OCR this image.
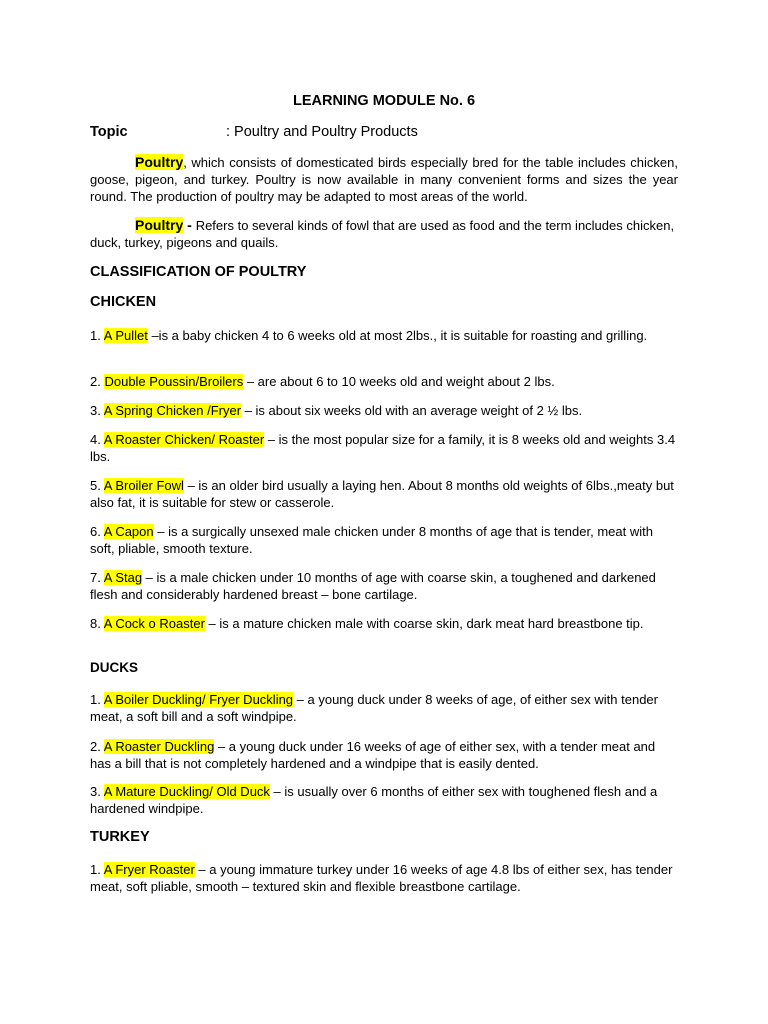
LEARNING MODULE No. 6
Topic	: Poultry and Poultry Products

Poultry, which consists of domesticated birds especially bred for the table includes chicken, goose, pigeon, and turkey. Poultry is now available in many convenient forms and sizes the year round. The production of poultry may be adapted to most areas of the world.

Poultry - Refers to several kinds of fowl that are used as food and the term includes chicken, duck, turkey, pigeons and quails.

CLASSIFICATION OF POULTRY
CHICKEN

1. A Pullet –is a baby chicken 4 to 6 weeks old at most 2lbs., it is suitable for roasting and grilling.

2. Double Poussin/Broilers – are about 6 to 10 weeks old and weight about 2 lbs.

3. A Spring Chicken /Fryer – is about six weeks old with an average weight of 2 ½ lbs.

4. A Roaster Chicken/ Roaster – is the most popular size for a family, it is 8 weeks old and weights 3.4 lbs.

5. A Broiler Fowl – is an older bird usually a laying hen. About 8 months old weights of 6lbs.,meaty but also fat, it is suitable for stew or casserole.

6. A Capon – is a surgically unsexed male chicken under 8 months of age that is tender, meat with soft, pliable, smooth texture.

7. A Stag – is a male chicken under 10 months of age with coarse skin, a toughened and darkened flesh and considerably hardened breast – bone cartilage.

8. A Cock o Roaster – is a mature chicken male with coarse skin, dark meat hard breastbone tip.

DUCKS

1. A Boiler Duckling/ Fryer Duckling – a young duck under 8 weeks of age, of either sex with tender meat, a soft bill and a soft windpipe.

2. A Roaster Duckling – a young duck under 16 weeks of age of either sex, with a tender meat and has a bill that is not completely hardened and a windpipe that is easily dented.

3. A Mature Duckling/ Old Duck – is usually over 6 months of either sex with toughened flesh and a hardened windpipe.

TURKEY

1. A Fryer Roaster – a young immature turkey under 16 weeks of age 4.8 lbs of either sex, has tender meat, soft pliable, smooth – textured skin and flexible breastbone cartilage.
